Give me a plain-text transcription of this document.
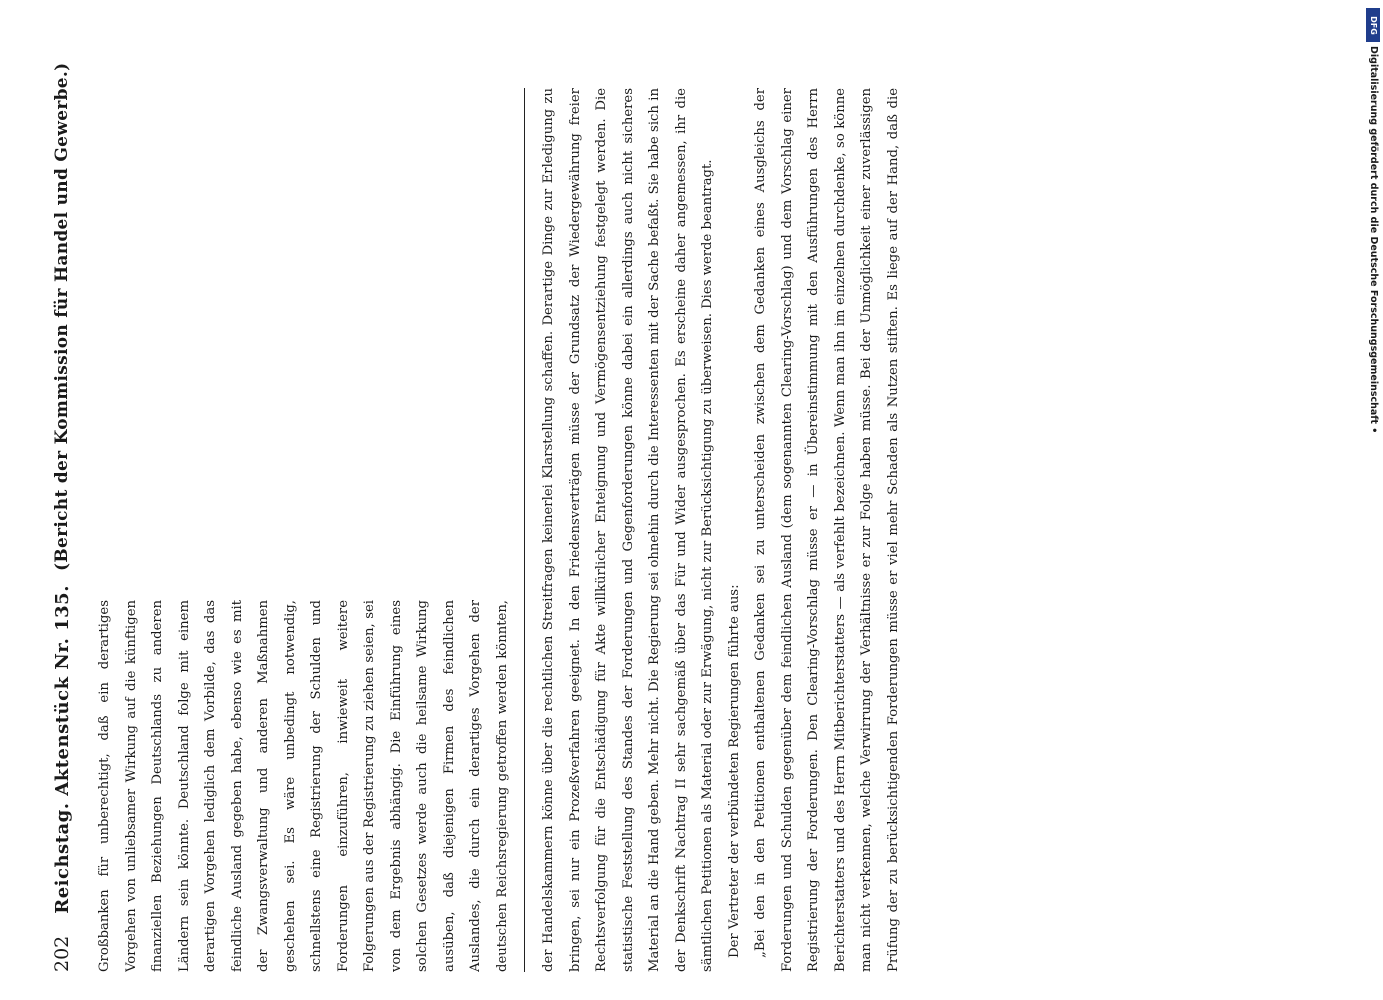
202
Reichstag. Aktenstück Nr. 135.
(Bericht der Kommission für Handel und Gewerbe.)

Großbanken für unberechtigt, daß ein derartiges Vorgehen von unliebsamer Wirkung auf die künftigen finanziellen Beziehungen Deutschlands zu anderen Ländern sein könnte. Deutschland folge mit einem derartigen Vorgehen lediglich dem Vorbilde, das das feindliche Ausland gegeben habe, ebenso wie es mit der Zwangsverwaltung und anderen Maßnahmen geschehen sei. Es wäre unbedingt notwendig, schnellstens eine Registrierung der Schulden und Forderungen einzuführen, inwieweit weitere Folgerungen aus der Registrierung zu ziehen seien, sei von dem Ergebnis abhängig. Die Einführung eines solchen Gesetzes werde auch die heilsame Wirkung ausüben, daß diejenigen Firmen des feindlichen Auslandes, die durch ein derartiges Vorgehen der deutschen Reichsregierung getroffen werden könnten,	der Handelskammern könne über die rechtlichen Streitfragen keinerlei Klarstellung schaffen. Derartige Dinge zur Erledigung zu bringen, sei nur ein Prozeßverfahren geeignet. In den Friedensverträgen müsse der Grundsatz der Wiedergewährung freier Rechtsverfolgung für die Entschädigung für Akte willkürlicher Enteignung und Vermögensentziehung festgelegt werden. Die statistische Feststellung des Standes der Forderungen und Gegenforderungen könne dabei ein allerdings auch nicht sicheres Material an die Hand geben. Mehr nicht. Die Regierung sei ohnehin durch die Interessenten mit der Sache befaßt. Sie habe sich in der Denkschrift Nachtrag II sehr sachgemäß über das Für und Wider ausgesprochen. Es erscheine daher angemessen, ihr die sämtlichen Petitionen als Material oder zur Erwägung, nicht zur Berücksichtigung zu überweisen. Dies werde beantragt. Der Vertreter der verbündeten Regierungen führte aus: „Bei den in den Petitionen enthaltenen Gedanken sei zu unterscheiden zwischen dem Gedanken eines Ausgleichs der Forderungen und Schulden gegenüber dem feindlichen Ausland (dem sogenannten Clearing-Vorschlag) und dem Vorschlag einer Registrierung der Forderungen. Den Clearing-Vorschlag müsse er — in Übereinstimmung mit den Ausführungen des Herrn Berichterstatters und des Herrn Mitberichterstatters — als verfehlt bezeichnen. Wenn man ihn im einzelnen durchdenke, so könne man nicht verkennen, welche Verwirrung der Verhältnisse er zur Folge haben müsse. Bei der Unmöglichkeit einer zuverlässigen Prüfung der zu berücksichtigenden Forderungen müsse er viel mehr Schaden als Nutzen stiften. Es liege auf der Hand, daß die

DFG
Digitalisierung gefördert durch die Deutsche Forschungsgemeinschaft •
